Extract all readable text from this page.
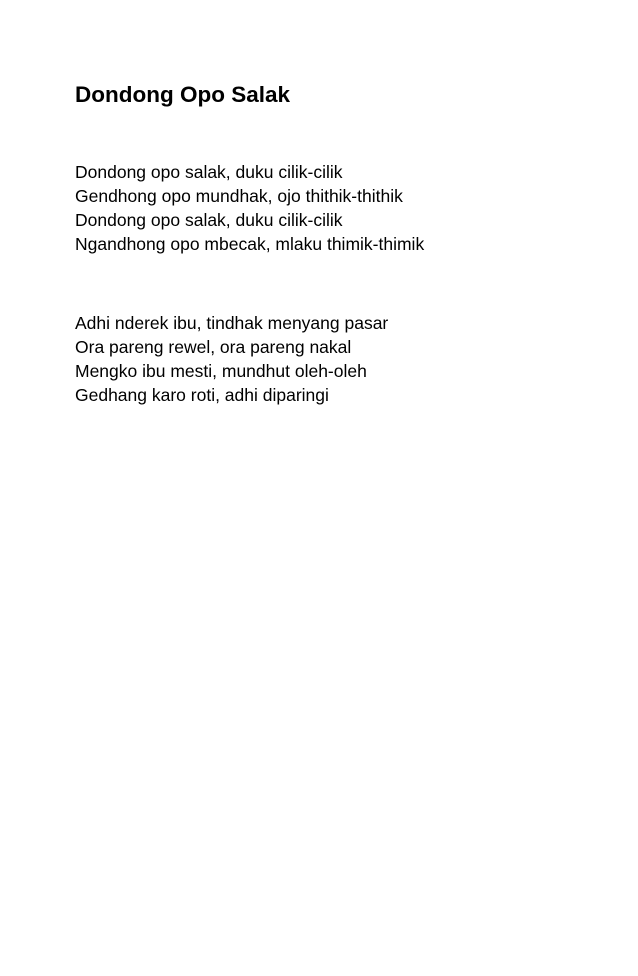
Dondong Opo Salak
Dondong opo salak, duku cilik-cilik
Gendhong opo mundhak, ojo thithik-thithik
Dondong opo salak, duku cilik-cilik
Ngandhong opo mbecak, mlaku thimik-thimik
Adhi nderek ibu, tindhak menyang pasar
Ora pareng rewel, ora pareng nakal
Mengko ibu mesti, mundhut oleh-oleh
Gedhang karo roti, adhi diparingi
